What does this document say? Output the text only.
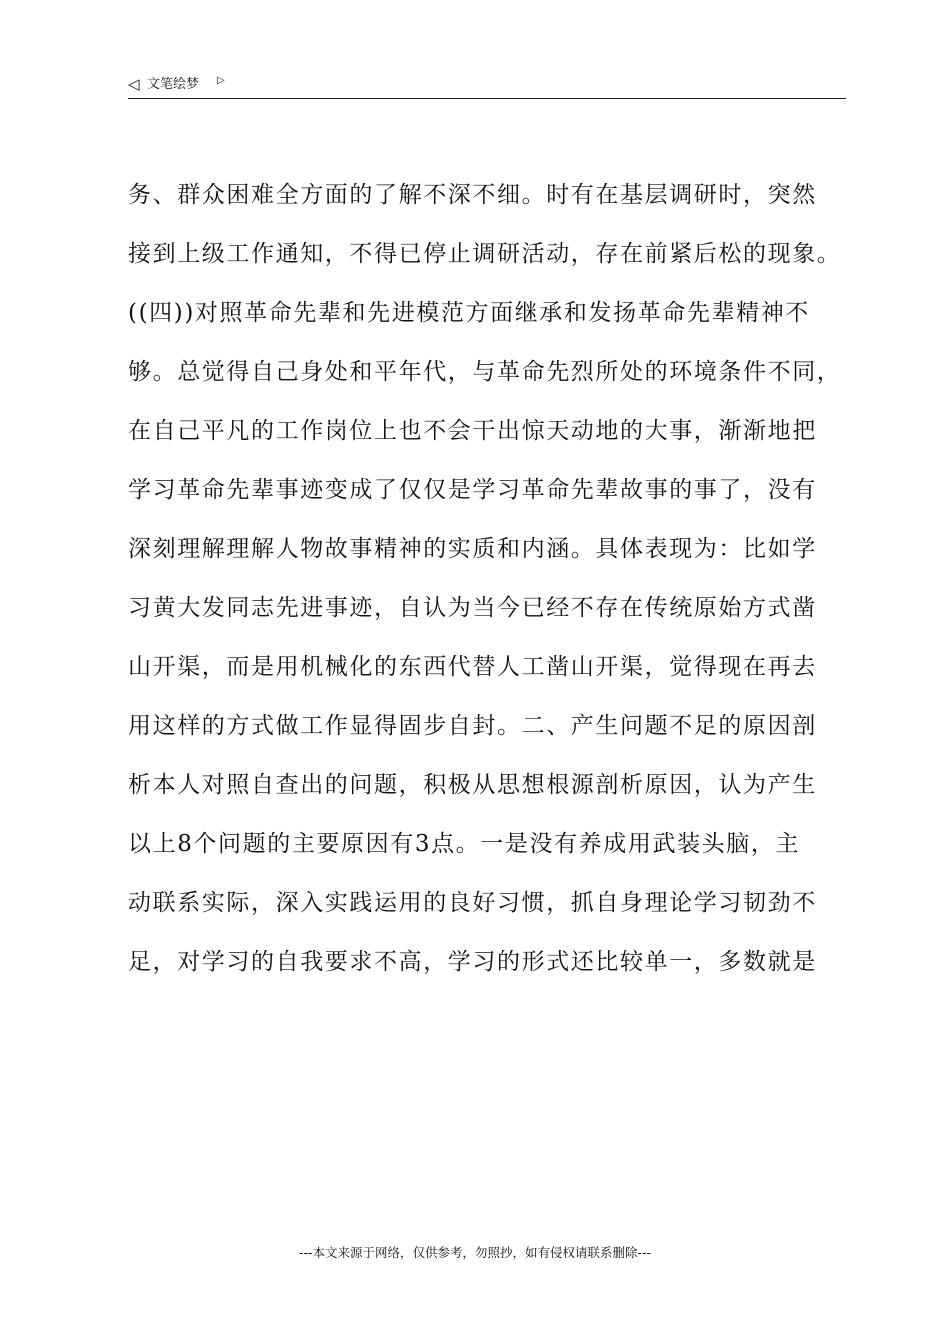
◁ 文笔绘梦 ▷
务、群众困难全方面的了解不深不细。时有在基层调研时，突然
接到上级工作通知，不得已停止调研活动，存在前紧后松的现象。
((四))对照革命先辈和先进模范方面继承和发扬革命先辈精神不
够。总觉得自己身处和平年代，与革命先烈所处的环境条件不同，
在自己平凡的工作岗位上也不会干出惊天动地的大事，渐渐地把
学习革命先辈事迹变成了仅仅是学习革命先辈故事的事了，没有
深刻理解理解人物故事精神的实质和内涵。具体表现为：比如学
习黄大发同志先进事迹，自认为当今已经不存在传统原始方式凿
山开渠，而是用机械化的东西代替人工凿山开渠，觉得现在再去
用这样的方式做工作显得固步自封。二、产生问题不足的原因剖
析本人对照自查出的问题，积极从思想根源剖析原因，认为产生
以上8个问题的主要原因有3点。一是没有养成用武装头脑，主
动联系实际，深入实践运用的良好习惯，抓自身理论学习韧劲不
足，对学习的自我要求不高，学习的形式还比较单一，多数就是
---本文来源于网络，仅供参考，勿照抄，如有侵权请联系删除---
